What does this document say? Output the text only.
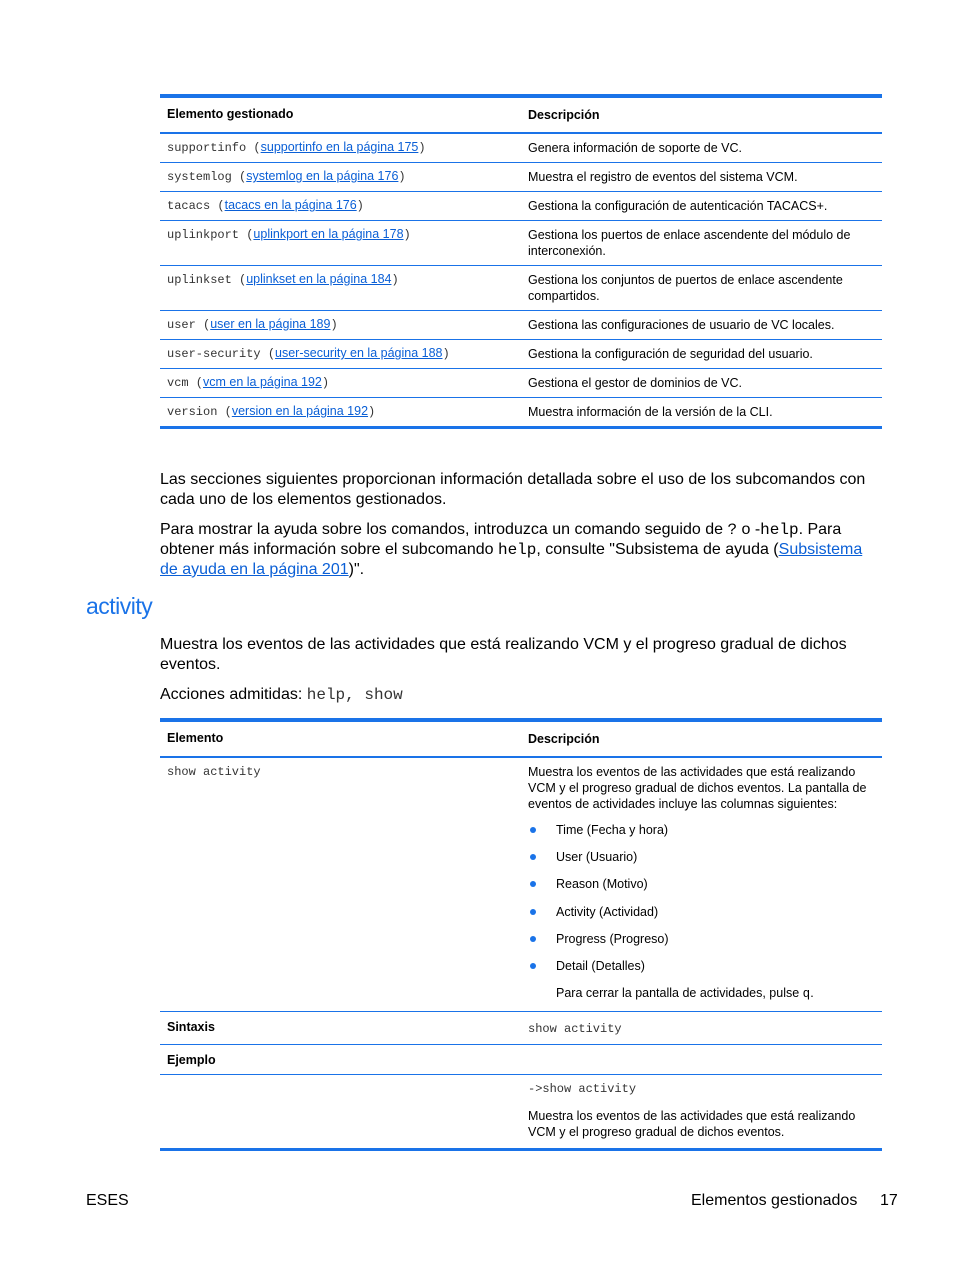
Elemento gestionado	Descripción
supportinfo (supportinfo en la página 175)	Genera información de soporte de VC.
systemlog (systemlog en la página 176)	Muestra el registro de eventos del sistema VCM.
tacacs (tacacs en la página 176)	Gestiona la configuración de autenticación TACACS+.
uplinkport (uplinkport en la página 178)	Gestiona los puertos de enlace ascendente del módulo de interconexión.
uplinkset (uplinkset en la página 184)	Gestiona los conjuntos de puertos de enlace ascendente compartidos.
user (user en la página 189)	Gestiona las configuraciones de usuario de VC locales.
user-security (user-security en la página 188)	Gestiona la configuración de seguridad del usuario.
vcm (vcm en la página 192)	Gestiona el gestor de dominios de VC.
version (version en la página 192)	Muestra información de la versión de la CLI.

Las secciones siguientes proporcionan información detallada sobre el uso de los subcomandos con cada uno de los elementos gestionados.

Para mostrar la ayuda sobre los comandos, introduzca un comando seguido de ? o -help. Para obtener más información sobre el subcomando help, consulte "Subsistema de ayuda (Subsistema de ayuda en la página 201)".

activity

Muestra los eventos de las actividades que está realizando VCM y el progreso gradual de dichos eventos.

Acciones admitidas: help, show

Elemento	Descripción
show activity	Muestra los eventos de las actividades que está realizando VCM y el progreso gradual de dichos eventos. La pantalla de eventos de actividades incluye las columnas siguientes:
Time (Fecha y hora)
User (Usuario)
Reason (Motivo)
Activity (Actividad)
Progress (Progreso)
Detail (Detalles)
Para cerrar la pantalla de actividades, pulse q.
Sintaxis	show activity
Ejemplo
->show activity
Muestra los eventos de las actividades que está realizando VCM y el progreso gradual de dichos eventos.
ESES	Elementos gestionados 17
